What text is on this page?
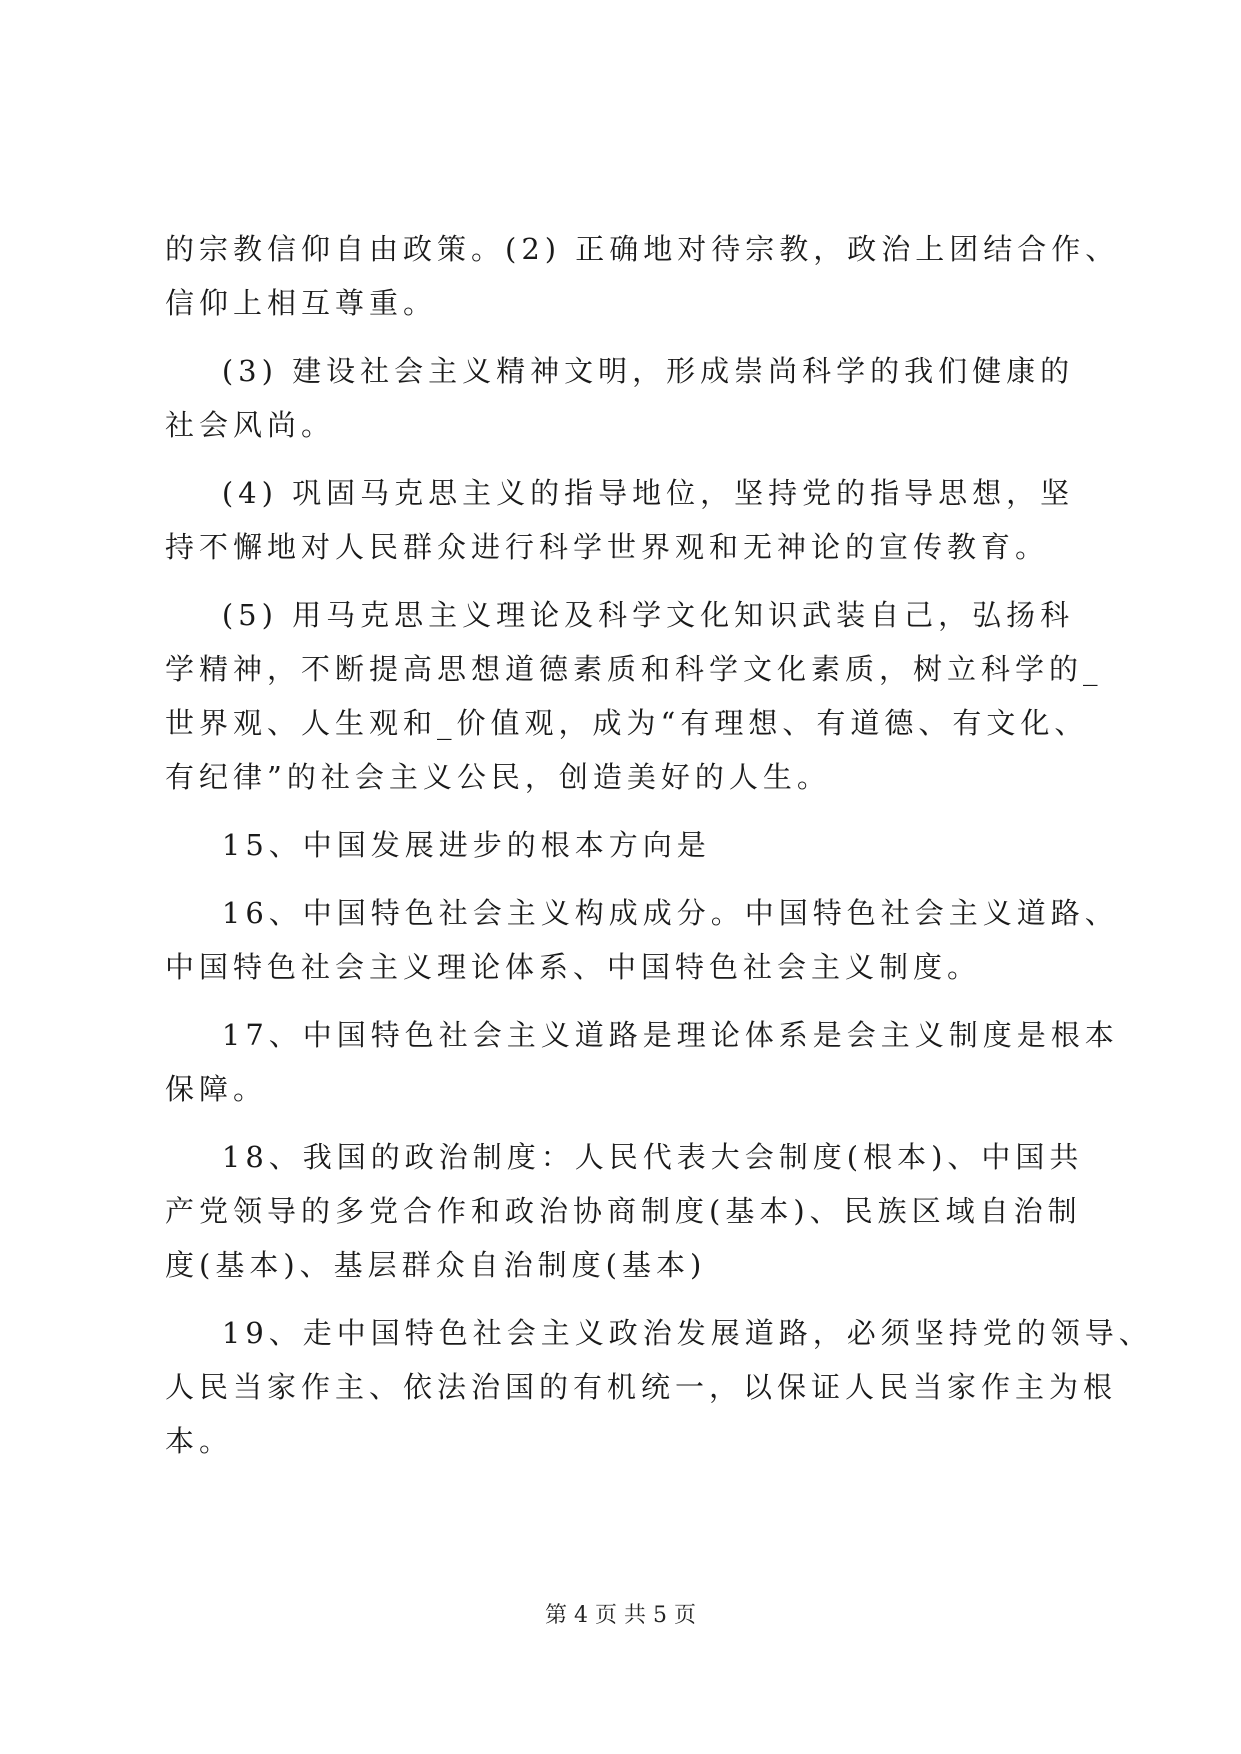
的宗教信仰自由政策。(2) 正确地对待宗教，政治上团结合作、

信仰上相互尊重。

(3) 建设社会主义精神文明，形成崇尚科学的我们健康的

社会风尚。

(4) 巩固马克思主义的指导地位，坚持党的指导思想，坚

持不懈地对人民群众进行科学世界观和无神论的宣传教育。

(5) 用马克思主义理论及科学文化知识武装自己，弘扬科

学精神，不断提高思想道德素质和科学文化素质，树立科学的_

世界观、人生观和_价值观，成为“有理想、有道德、有文化、

有纪律”的社会主义公民，创造美好的人生。

15、中国发展进步的根本方向是

16、中国特色社会主义构成成分。中国特色社会主义道路、

中国特色社会主义理论体系、中国特色社会主义制度。

17、中国特色社会主义道路是理论体系是会主义制度是根本

保障。

18、我国的政治制度：人民代表大会制度(根本)、中国共

产党领导的多党合作和政治协商制度(基本)、民族区域自治制

度(基本)、基层群众自治制度(基本)

19、走中国特色社会主义政治发展道路，必须坚持党的领导、

人民当家作主、依法治国的有机统一，以保证人民当家作主为根

本。

第 4 页 共 5 页
